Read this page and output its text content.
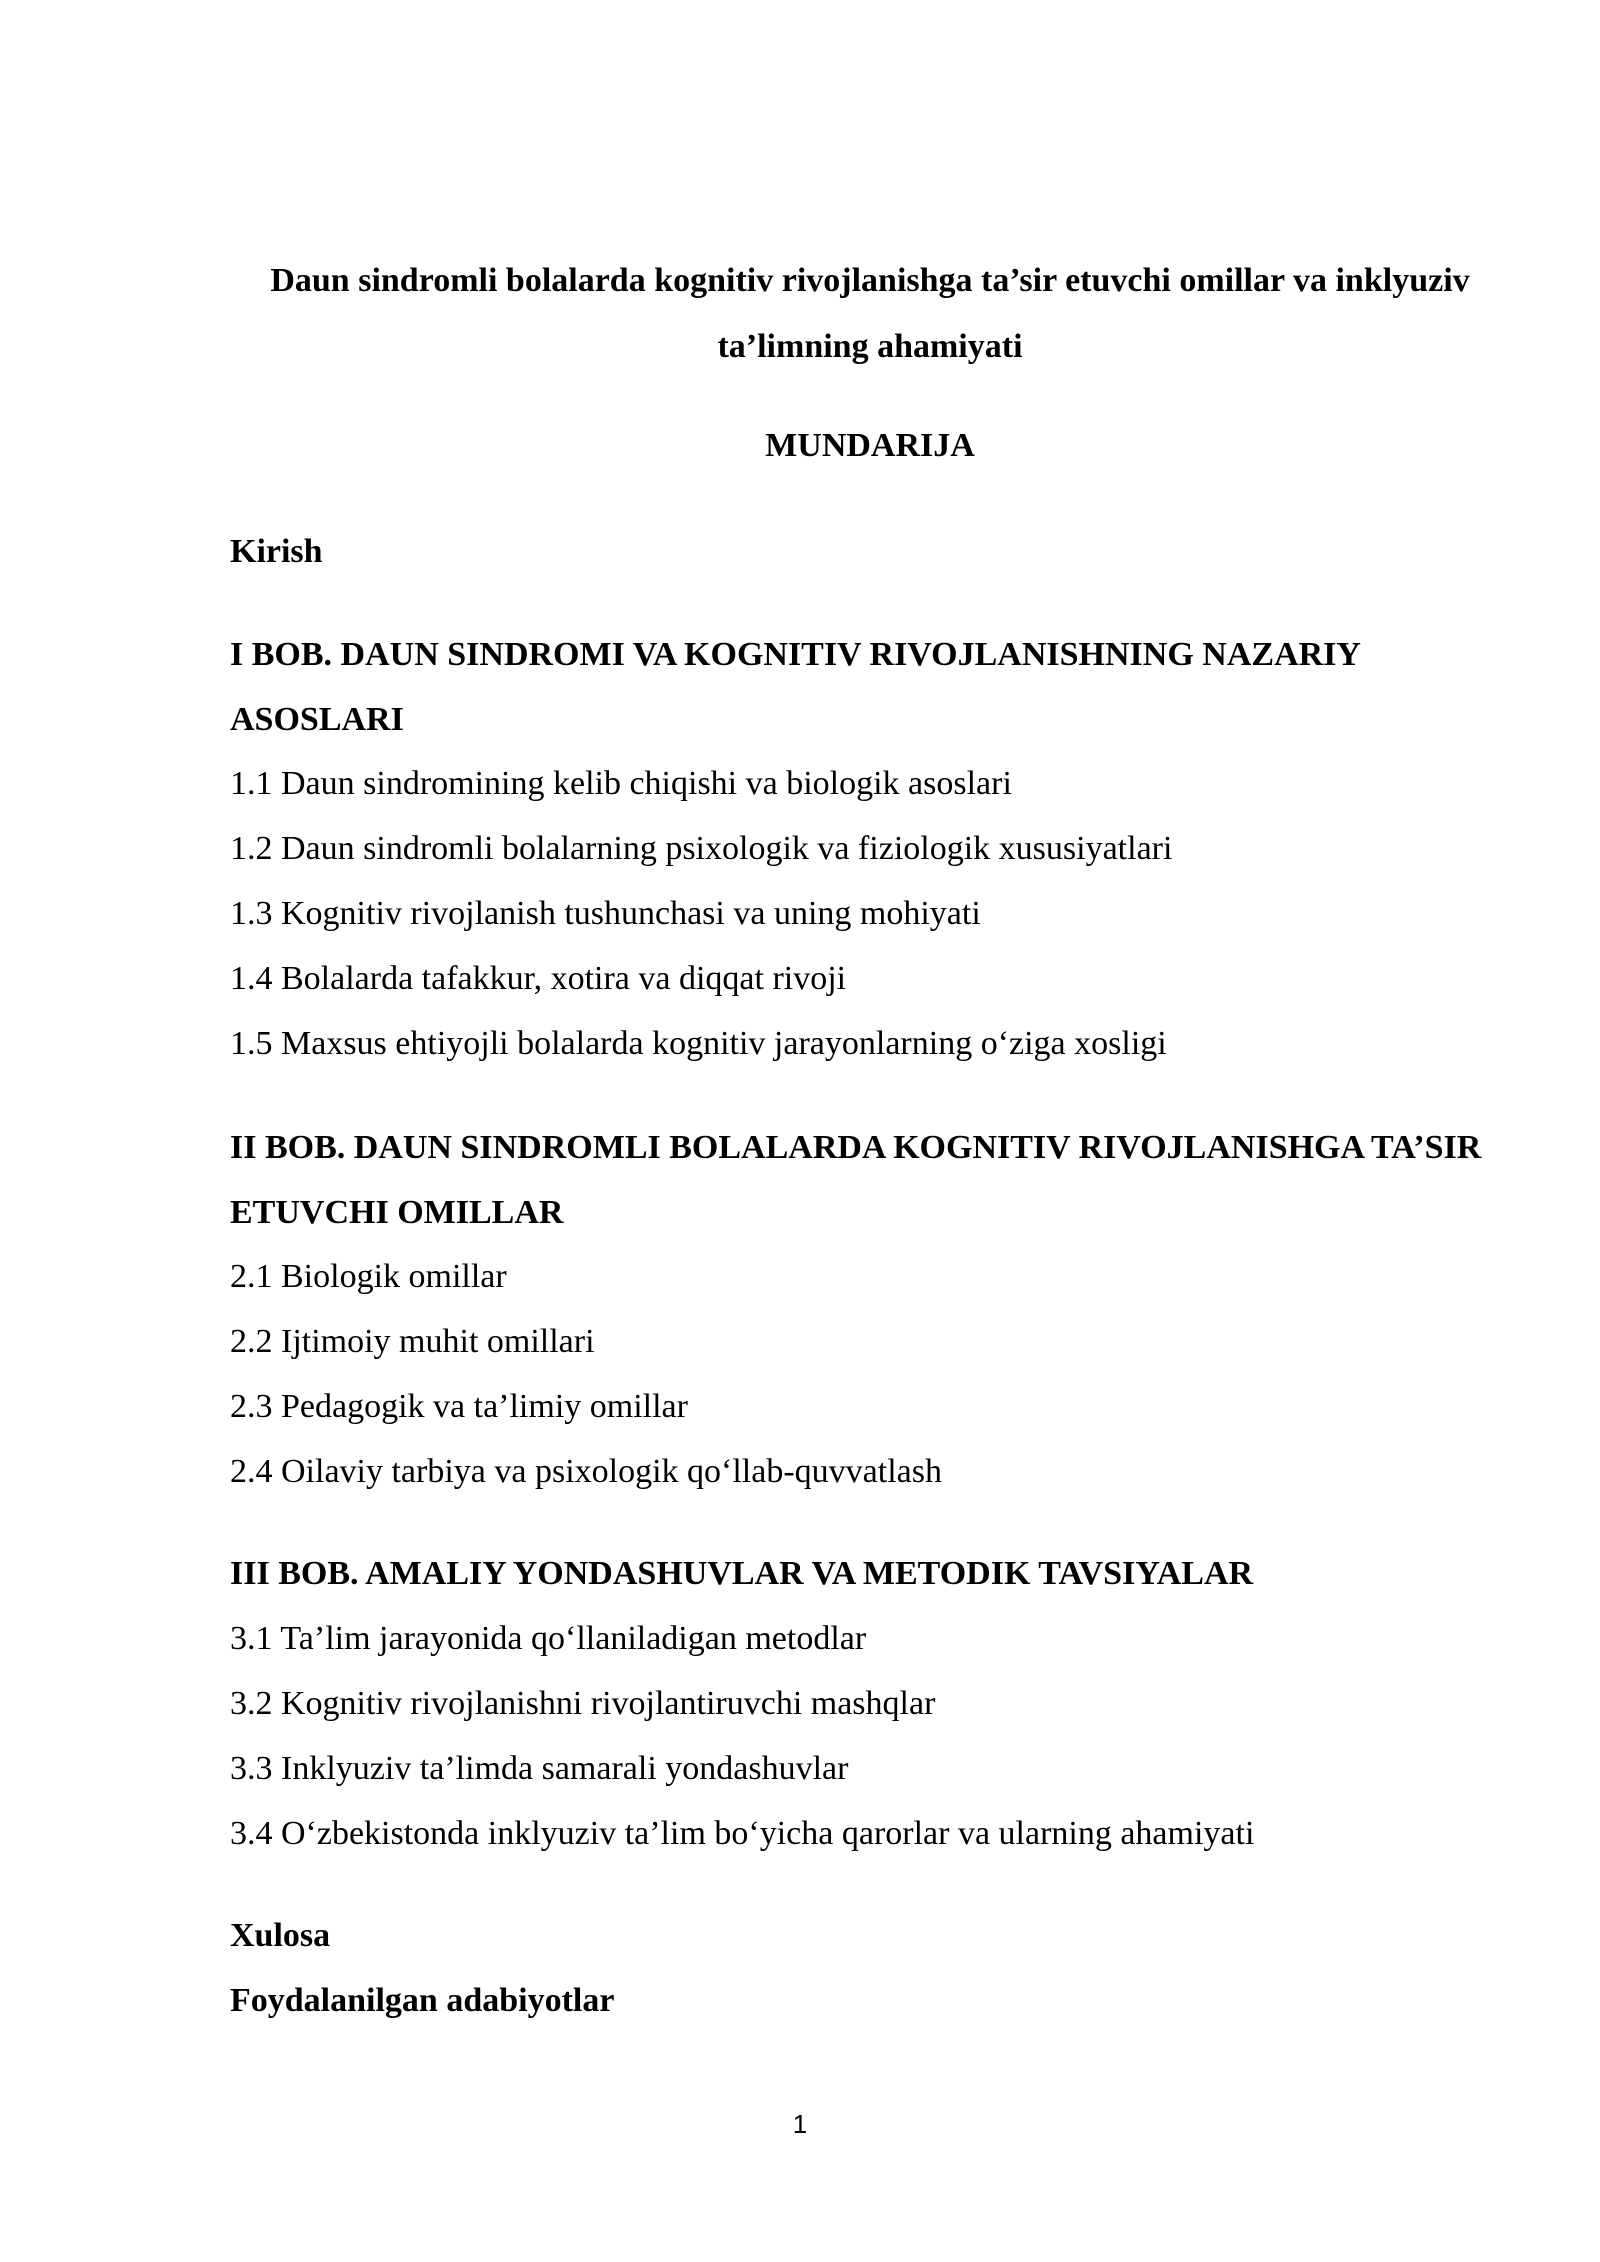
Daun sindromli bolalarda kognitiv rivojlanishga ta’sir etuvchi omillar va inklyuziv ta’limning ahamiyati
MUNDARIJA
Kirish
I BOB. DAUN SINDROMI VA KOGNITIV RIVOJLANISHNING NAZARIY ASOSLARI
1.1 Daun sindromining kelib chiqishi va biologik asoslari
1.2 Daun sindromli bolalarning psixologik va fiziologik xususiyatlari
1.3 Kognitiv rivojlanish tushunchasi va uning mohiyati
1.4 Bolalarda tafakkur, xotira va diqqat rivoji
1.5 Maxsus ehtiyojli bolalarda kognitiv jarayonlarning o‘ziga xosligi
II BOB. DAUN SINDROMLI BOLALARDA KOGNITIV RIVOJLANISHGA TA’SIR ETUVCHI OMILLAR
2.1 Biologik omillar
2.2 Ijtimoiy muhit omillari
2.3 Pedagogik va ta’limiy omillar
2.4 Oilaviy tarbiya va psixologik qo‘llab-quvvatlash
III BOB. AMALIY YONDASHUVLAR VA METODIK TAVSIYALAR
3.1 Ta’lim jarayonida qo‘llaniladigan metodlar
3.2 Kognitiv rivojlanishni rivojlantiruvchi mashqlar
3.3 Inklyuziv ta’limda samarali yondashuvlar
3.4 O‘zbekistonda inklyuziv ta’lim bo‘yicha qarorlar va ularning ahamiyati
Xulosa
Foydalanilgan adabiyotlar
1
